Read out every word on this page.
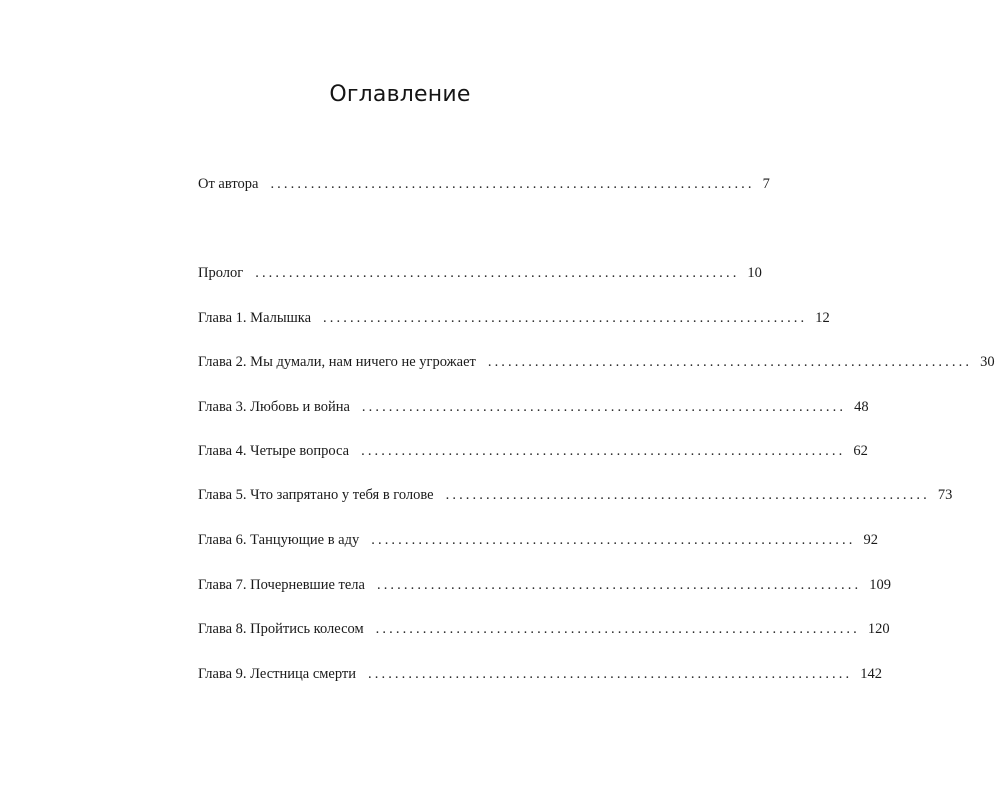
Оглавление
От автора ........................................................................ 7
Пролог ........................................................................ 10
Глава 1. Малышка ........................................................................ 12
Глава 2. Мы думали, нам ничего не угрожает ........................................................................ 30
Глава 3. Любовь и война ........................................................................ 48
Глава 4. Четыре вопроса ........................................................................ 62
Глава 5. Что запрятано у тебя в голове ........................................................................ 73
Глава 6. Танцующие в аду ........................................................................ 92
Глава 7. Почерневшие тела ........................................................................ 109
Глава 8. Пройтись колесом ........................................................................ 120
Глава 9. Лестница смерти ........................................................................ 142
